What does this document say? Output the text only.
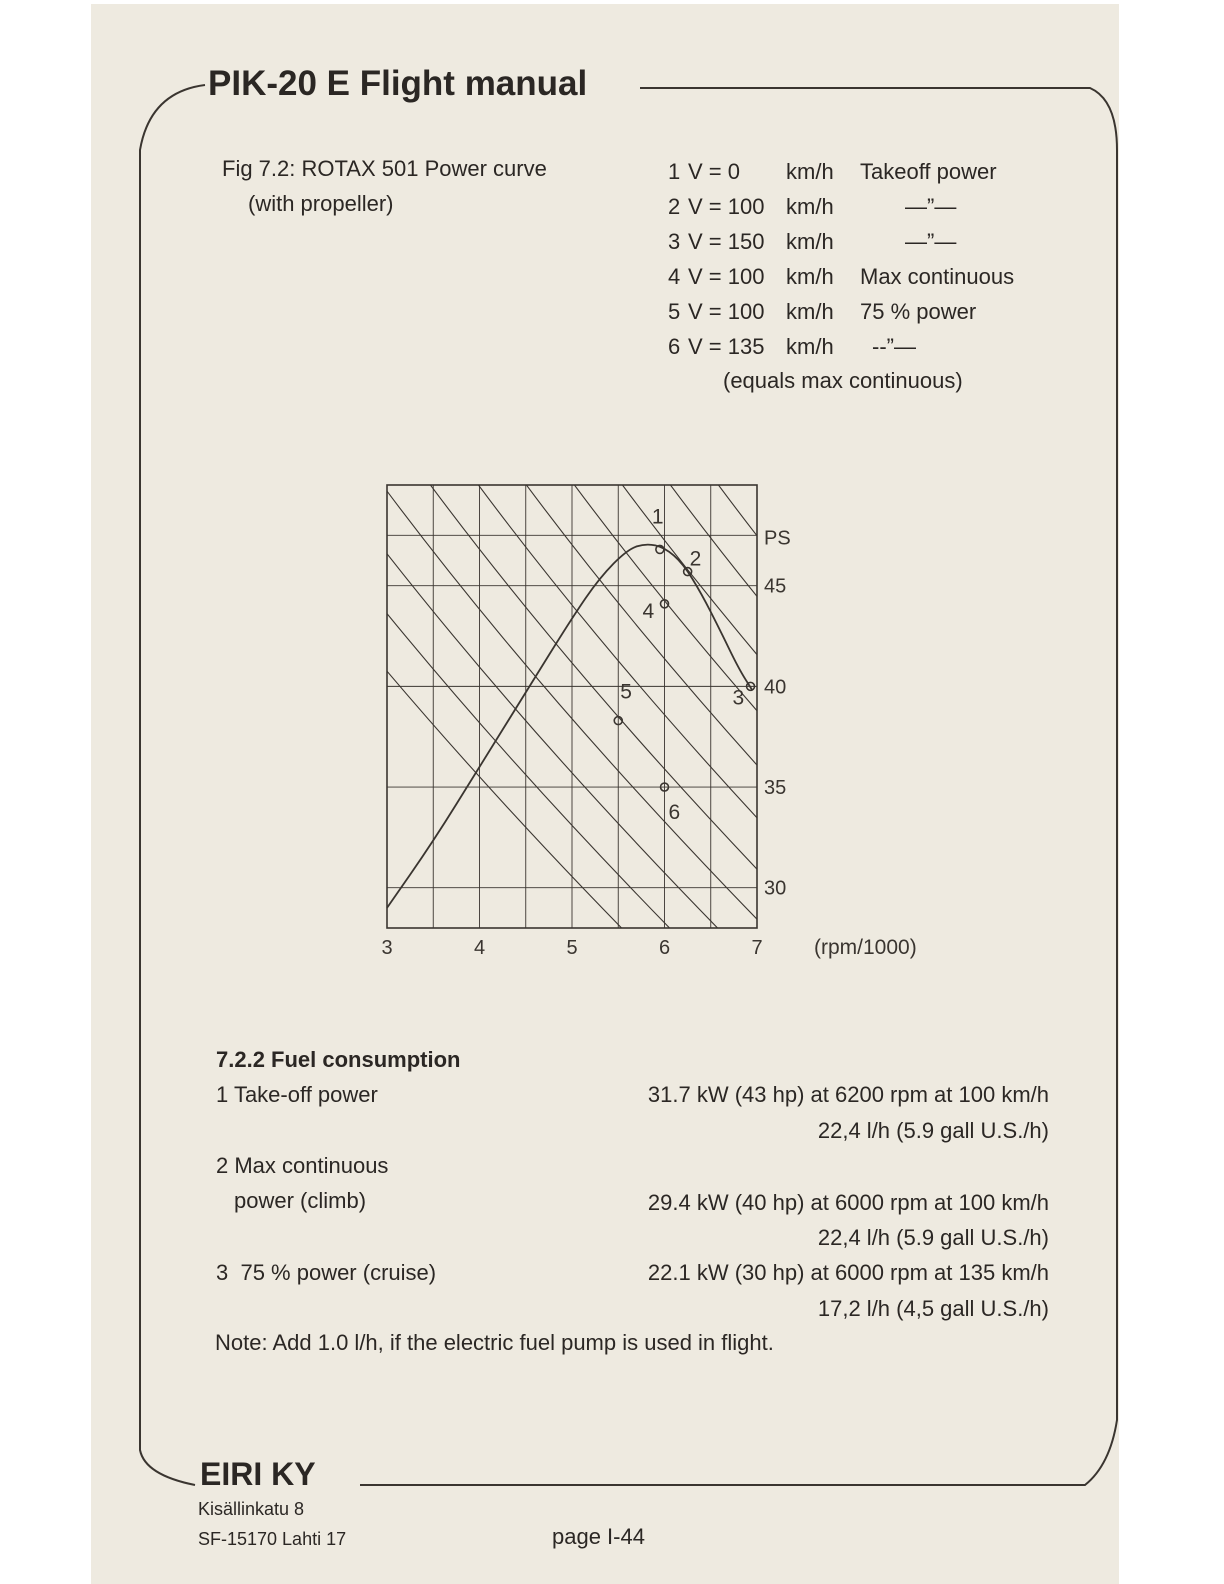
PIK-20 E Flight manual
Fig 7.2: ROTAX 501 Power curve
(with propeller)
1 V = 0 km/h Takeoff power
2 V = 100 km/h	—”—
3 V = 150 km/h	—”—
4 V = 100 km/h Max continuous
5 V = 100 km/h 75 % power
6 V = 135 km/h --”—
(equals max continuous)
1
2
3
4
5
6
3	4	5	6	7 (rpm/1000)
30
35
40
45
PS
7.2.2 Fuel consumption
1 Take-off power	31.7 kW (43 hp) at 6200 rpm at 100 km/h
22,4 l/h (5.9 gall U.S./h)
2 Max continuous
power (climb)	29.4 kW (40 hp) at 6000 rpm at 100 km/h
22,4 l/h (5.9 gall U.S./h)
3  75 % power (cruise)	22.1 kW (30 hp) at 6000 rpm at 135 km/h
17,2 l/h (4,5 gall U.S./h)
Note: Add 1.0 l/h, if the electric fuel pump is used in flight.
EIRI KY
Kisällinkatu 8
SF-15170 Lahti 17	page I-44
